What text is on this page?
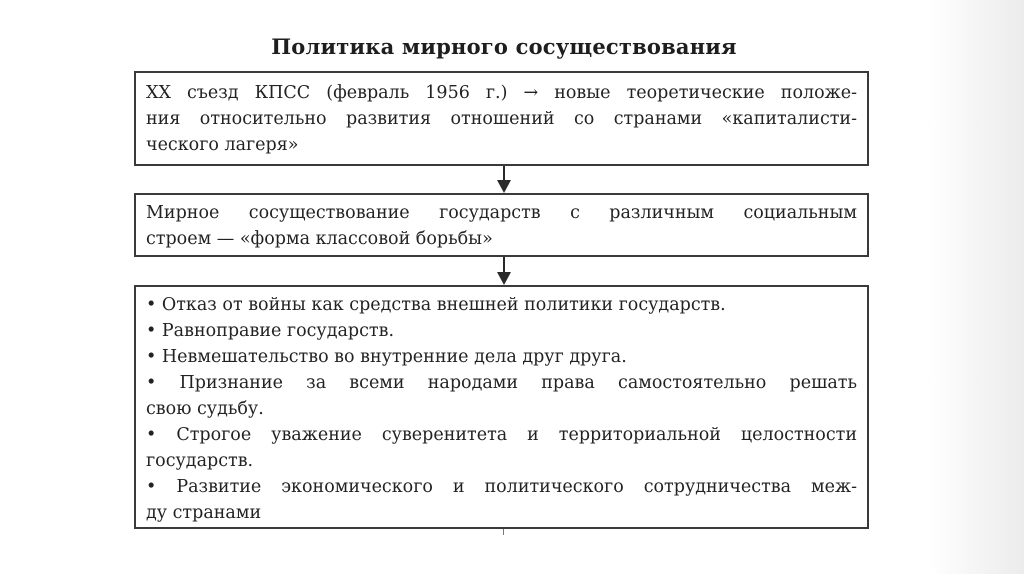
Политика мирного сосуществования
XX съезд КПСС (февраль 1956 г.) → новые теоретические положе-
ния относительно развития отношений со странами «капиталисти-
ческого лагеря»
Мирное сосуществование государств с различным социальным
строем — «форма классовой борьбы»
• Отказ от войны как средства внешней политики государств.
• Равноправие государств.
• Невмешательство во внутренние дела друг друга.
• Признание за всеми народами права самостоятельно решать
свою судьбу.
• Строгое уважение суверенитета и территориальной целостности
государств.
• Развитие экономического и политического сотрудничества меж-
ду странами
